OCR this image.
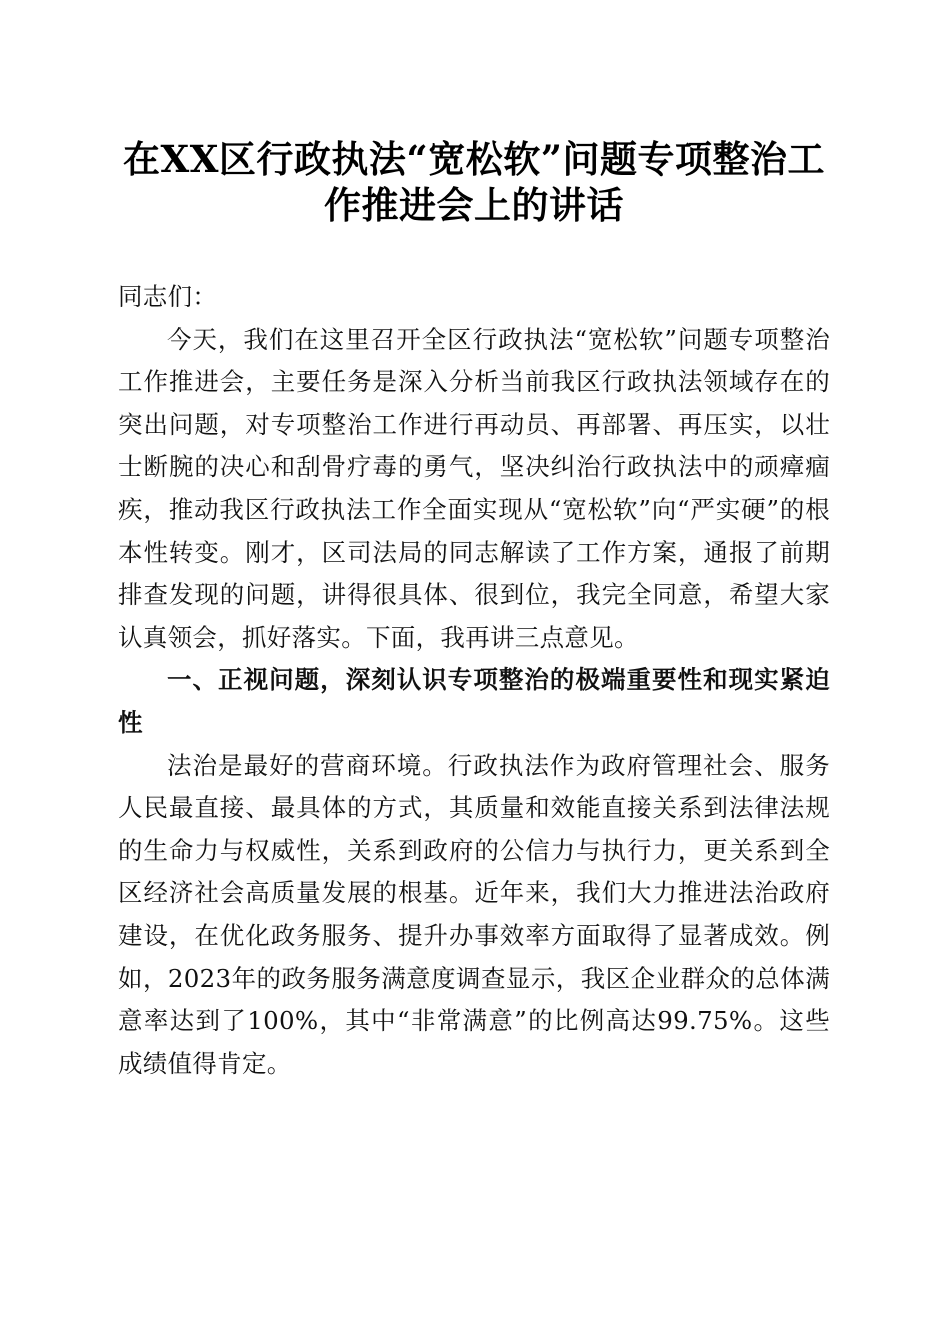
在XX区行政执法“宽松软”问题专项整治工作推进会上的讲话

同志们：

今天，我们在这里召开全区行政执法“宽松软”问题专项整治工作推进会，主要任务是深入分析当前我区行政执法领域存在的突出问题，对专项整治工作进行再动员、再部署、再压实，以壮士断腕的决心和刮骨疗毒的勇气，坚决纠治行政执法中的顽瘴痼疾，推动我区行政执法工作全面实现从“宽松软”向“严实硬”的根本性转变。刚才，区司法局的同志解读了工作方案，通报了前期排查发现的问题，讲得很具体、很到位，我完全同意，希望大家认真领会，抓好落实。下面，我再讲三点意见。

一、正视问题，深刻认识专项整治的极端重要性和现实紧迫性

法治是最好的营商环境。行政执法作为政府管理社会、服务人民最直接、最具体的方式，其质量和效能直接关系到法律法规的生命力与权威性，关系到政府的公信力与执行力，更关系到全区经济社会高质量发展的根基。近年来，我们大力推进法治政府建设，在优化政务服务、提升办事效率方面取得了显著成效。例如，2023年的政务服务满意度调查显示，我区企业群众的总体满意率达到了100%，其中“非常满意”的比例高达99.75%。这些成绩值得肯定。
